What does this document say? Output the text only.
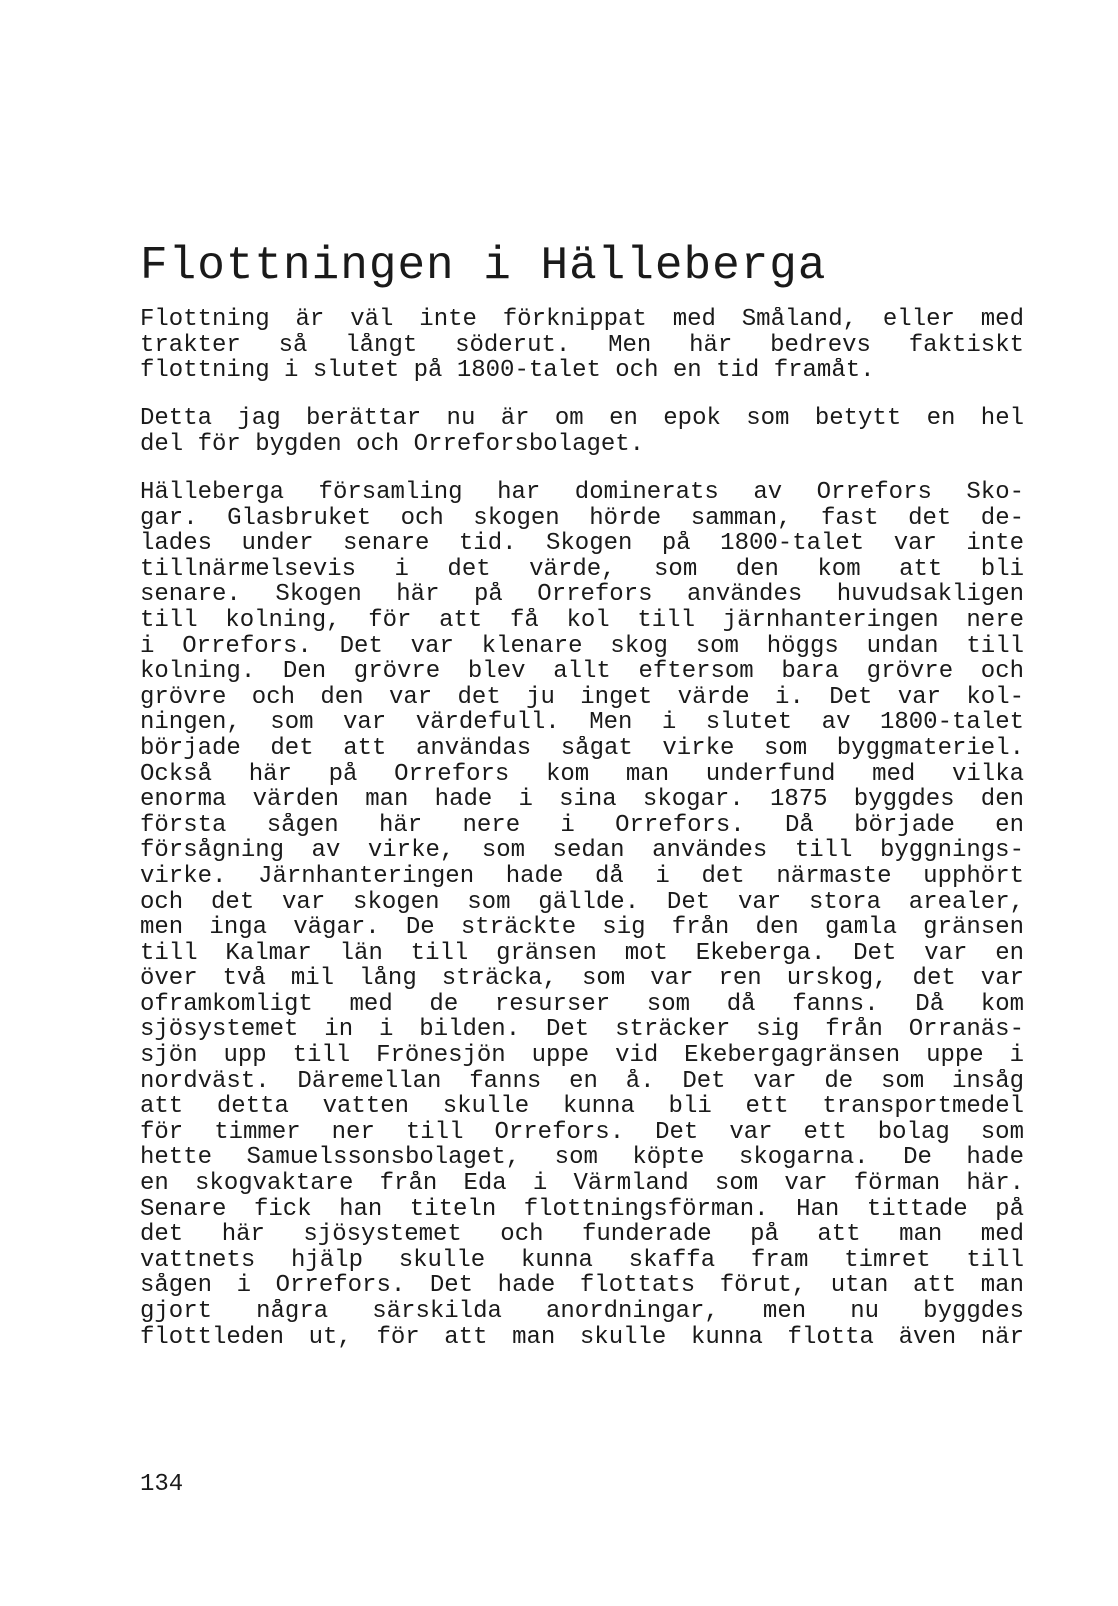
Flottningen i Hälleberga
Flottning är väl inte förknippat med Småland, eller med
trakter så långt söderut. Men här bedrevs faktiskt
flottning i slutet på 1800-talet och en tid framåt.
Detta jag berättar nu är om en epok som betytt en hel
del för bygden och Orreforsbolaget.
Hälleberga församling har dominerats av Orrefors Sko-
gar. Glasbruket och skogen hörde samman, fast det de-
lades under senare tid. Skogen på 1800-talet var inte
tillnärmelsevis i det värde, som den kom att bli
senare. Skogen här på Orrefors användes huvudsakligen
till kolning, för att få kol till järnhanteringen nere
i Orrefors. Det var klenare skog som höggs undan till
kolning. Den grövre blev allt eftersom bara grövre och
grövre och den var det ju inget värde i. Det var kol-
ningen, som var värdefull. Men i slutet av 1800-talet
började det att användas sågat virke som byggmateriel.
Också här på Orrefors kom man underfund med vilka
enorma värden man hade i sina skogar. 1875 byggdes den
första sågen här nere i Orrefors. Då började en
försågning av virke, som sedan användes till byggnings-
virke. Järnhanteringen hade då i det närmaste upphört
och det var skogen som gällde. Det var stora arealer,
men inga vägar. De sträckte sig från den gamla gränsen
till Kalmar län till gränsen mot Ekeberga. Det var en
över två mil lång sträcka, som var ren urskog, det var
oframkomligt med de resurser som då fanns. Då kom
sjösystemet in i bilden. Det sträcker sig från Orranäs-
sjön upp till Frönesjön uppe vid Ekebergagränsen uppe i
nordväst. Däremellan fanns en å. Det var de som insåg
att detta vatten skulle kunna bli ett transportmedel
för timmer ner till Orrefors. Det var ett bolag som
hette Samuelssonsbolaget, som köpte skogarna. De hade
en skogvaktare från Eda i Värmland som var förman här.
Senare fick han titeln flottningsförman. Han tittade på
det här sjösystemet och funderade på att man med
vattnets hjälp skulle kunna skaffa fram timret till
sågen i Orrefors. Det hade flottats förut, utan att man
gjort några särskilda anordningar, men nu byggdes
flottleden ut, för att man skulle kunna flotta även när
134
